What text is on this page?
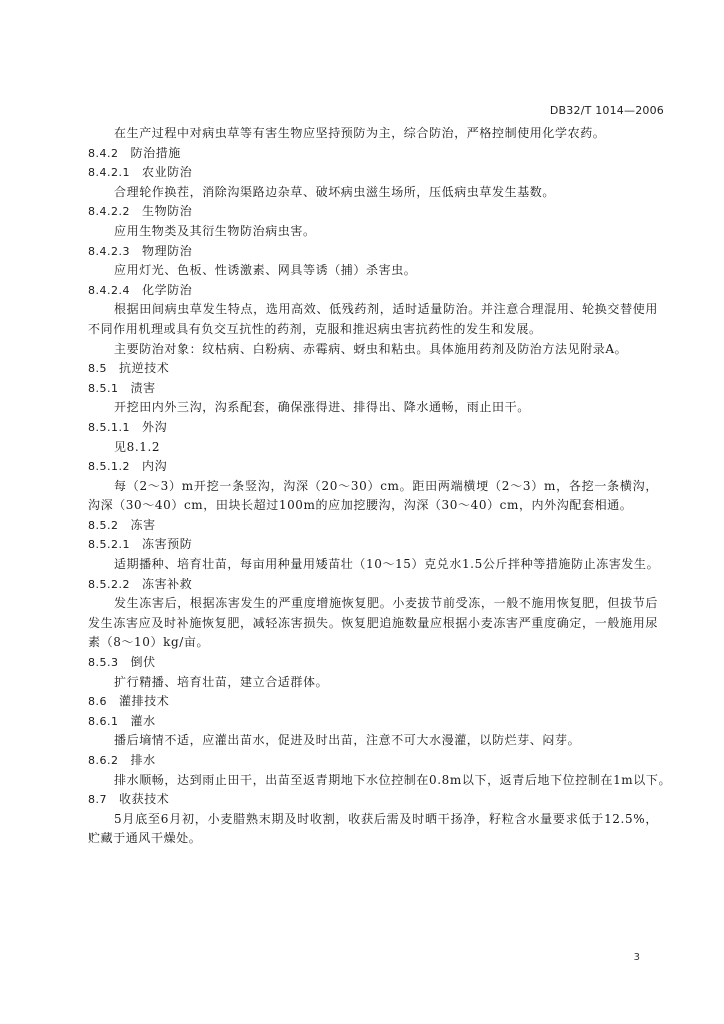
DB32/T 1014—2006
在生产过程中对病虫草等有害生物应坚持预防为主，综合防治，严格控制使用化学农药。
8.4.2 防治措施
8.4.2.1 农业防治
合理轮作换茬，消除沟渠路边杂草、破坏病虫滋生场所，压低病虫草发生基数。
8.4.2.2 生物防治
应用生物类及其衍生物防治病虫害。
8.4.2.3 物理防治
应用灯光、色板、性诱激素、网具等诱（捕）杀害虫。
8.4.2.4 化学防治
根据田间病虫草发生特点，选用高效、低残药剂，适时适量防治。并注意合理混用、轮换交替使用不同作用机理或具有负交互抗性的药剂，克服和推迟病虫害抗药性的发生和发展。
主要防治对象：纹枯病、白粉病、赤霉病、蚜虫和粘虫。具体施用药剂及防治方法见附录A。
8.5 抗逆技术
8.5.1 渍害
开挖田内外三沟，沟系配套，确保涨得进、排得出、降水通畅，雨止田干。
8.5.1.1 外沟
见8.1.2
8.5.1.2 内沟
每（2～3）m开挖一条竖沟，沟深（20～30）cm。距田两端横埂（2～3）m，各挖一条横沟，沟深（30～40）cm，田块长超过100m的应加挖腰沟，沟深（30～40）cm，内外沟配套相通。
8.5.2 冻害
8.5.2.1 冻害预防
适期播种、培育壮苗，每亩用种量用矮苗壮（10～15）克兑水1.5公斤拌种等措施防止冻害发生。
8.5.2.2 冻害补救
发生冻害后，根据冻害发生的严重度增施恢复肥。小麦拔节前受冻，一般不施用恢复肥，但拔节后发生冻害应及时补施恢复肥，减轻冻害损失。恢复肥追施数量应根据小麦冻害严重度确定，一般施用尿素（8～10）kg/亩。
8.5.3 倒伏
扩行精播、培育壮苗，建立合适群体。
8.6 灌排技术
8.6.1 灌水
播后墒情不适，应灌出苗水，促进及时出苗，注意不可大水漫灌，以防烂芽、闷芽。
8.6.2 排水
排水顺畅，达到雨止田干，出苗至返青期地下水位控制在0.8m以下，返青后地下位控制在1m以下。
8.7 收获技术
5月底至6月初，小麦腊熟末期及时收割，收获后需及时晒干扬净，籽粒含水量要求低于12.5%，贮藏于通风干燥处。
3
